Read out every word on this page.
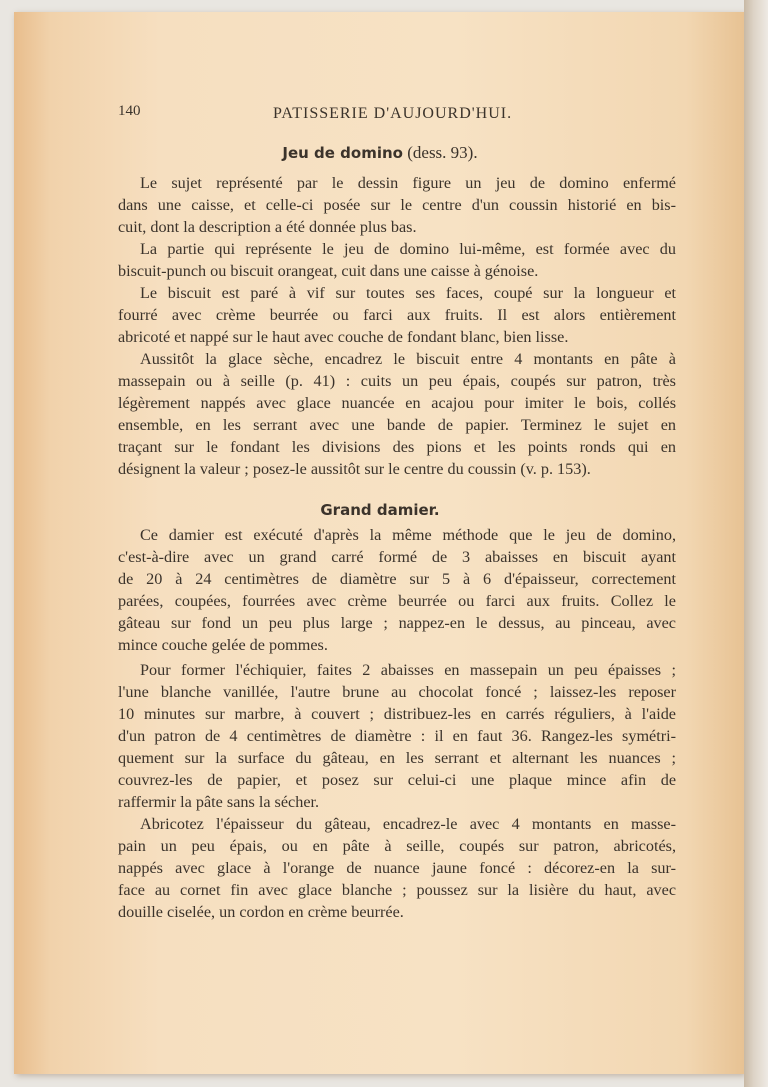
140	PATISSERIE D'AUJOURD'HUI.
Jeu de domino (dess. 93).
Le sujet représenté par le dessin figure un jeu de domino enfermé
dans une caisse, et celle-ci posée sur le centre d'un coussin historié en bis-
cuit, dont la description a été donnée plus bas.
La partie qui représente le jeu de domino lui-même, est formée avec du
biscuit-punch ou biscuit orangeat, cuit dans une caisse à génoise.
Le biscuit est paré à vif sur toutes ses faces, coupé sur la longueur et
fourré avec crème beurrée ou farci aux fruits. Il est alors entièrement
abricoté et nappé sur le haut avec couche de fondant blanc, bien lisse.
Aussitôt la glace sèche, encadrez le biscuit entre 4 montants en pâte à
massepain ou à seille (p. 41) : cuits un peu épais, coupés sur patron, très
légèrement nappés avec glace nuancée en acajou pour imiter le bois, collés
ensemble, en les serrant avec une bande de papier. Terminez le sujet en
traçant sur le fondant les divisions des pions et les points ronds qui en
désignent la valeur ; posez-le aussitôt sur le centre du coussin (v. p. 153).
Grand damier.
Ce damier est exécuté d'après la même méthode que le jeu de domino,
c'est-à-dire avec un grand carré formé de 3 abaisses en biscuit ayant
de 20 à 24 centimètres de diamètre sur 5 à 6 d'épaisseur, correctement
parées, coupées, fourrées avec crème beurrée ou farci aux fruits. Collez le
gâteau sur fond un peu plus large ; nappez-en le dessus, au pinceau, avec
mince couche gelée de pommes.
Pour former l'échiquier, faites 2 abaisses en massepain un peu épaisses ;
l'une blanche vanillée, l'autre brune au chocolat foncé ; laissez-les reposer
10 minutes sur marbre, à couvert ; distribuez-les en carrés réguliers, à l'aide
d'un patron de 4 centimètres de diamètre : il en faut 36. Rangez-les symétri-
quement sur la surface du gâteau, en les serrant et alternant les nuances ;
couvrez-les de papier, et posez sur celui-ci une plaque mince afin de
raffermir la pâte sans la sécher.
Abricotez l'épaisseur du gâteau, encadrez-le avec 4 montants en masse-
pain un peu épais, ou en pâte à seille, coupés sur patron, abricotés,
nappés avec glace à l'orange de nuance jaune foncé : décorez-en la sur-
face au cornet fin avec glace blanche ; poussez sur la lisière du haut, avec
douille ciselée, un cordon en crème beurrée.
